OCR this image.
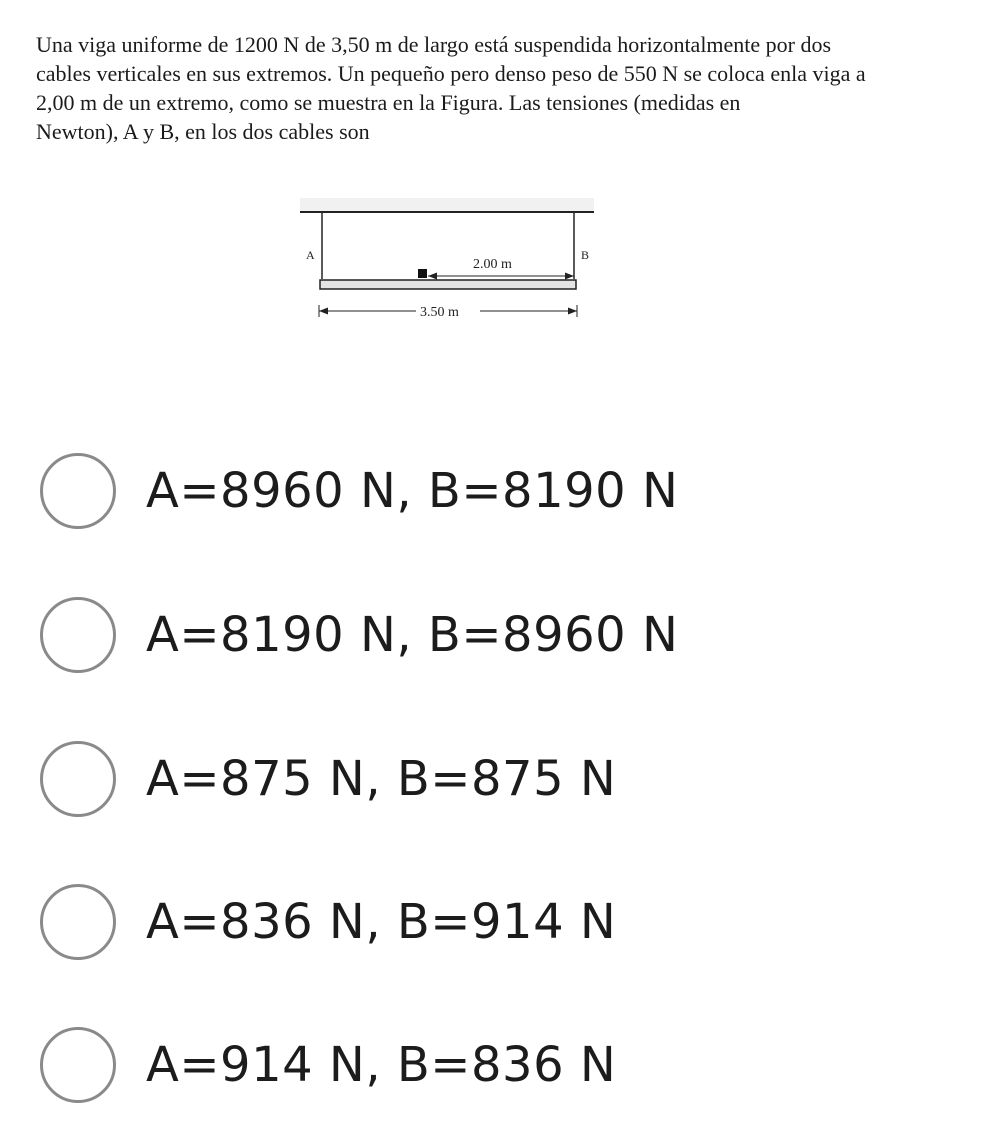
Una viga uniforme de 1200 N de 3,50 m de largo está suspendida horizontalmente por dos
cables verticales en sus extremos. Un pequeño pero denso peso de 550 N se coloca enla viga a
2,00 m de un extremo, como se muestra en la Figura. Las tensiones (medidas en
Newton), A y B, en los dos cables son
A	B
2.00 m
3.50 m
A=8960 N, B=8190 N
A=8190 N, B=8960 N
A=875 N, B=875 N
A=836 N, B=914 N
A=914 N, B=836 N
